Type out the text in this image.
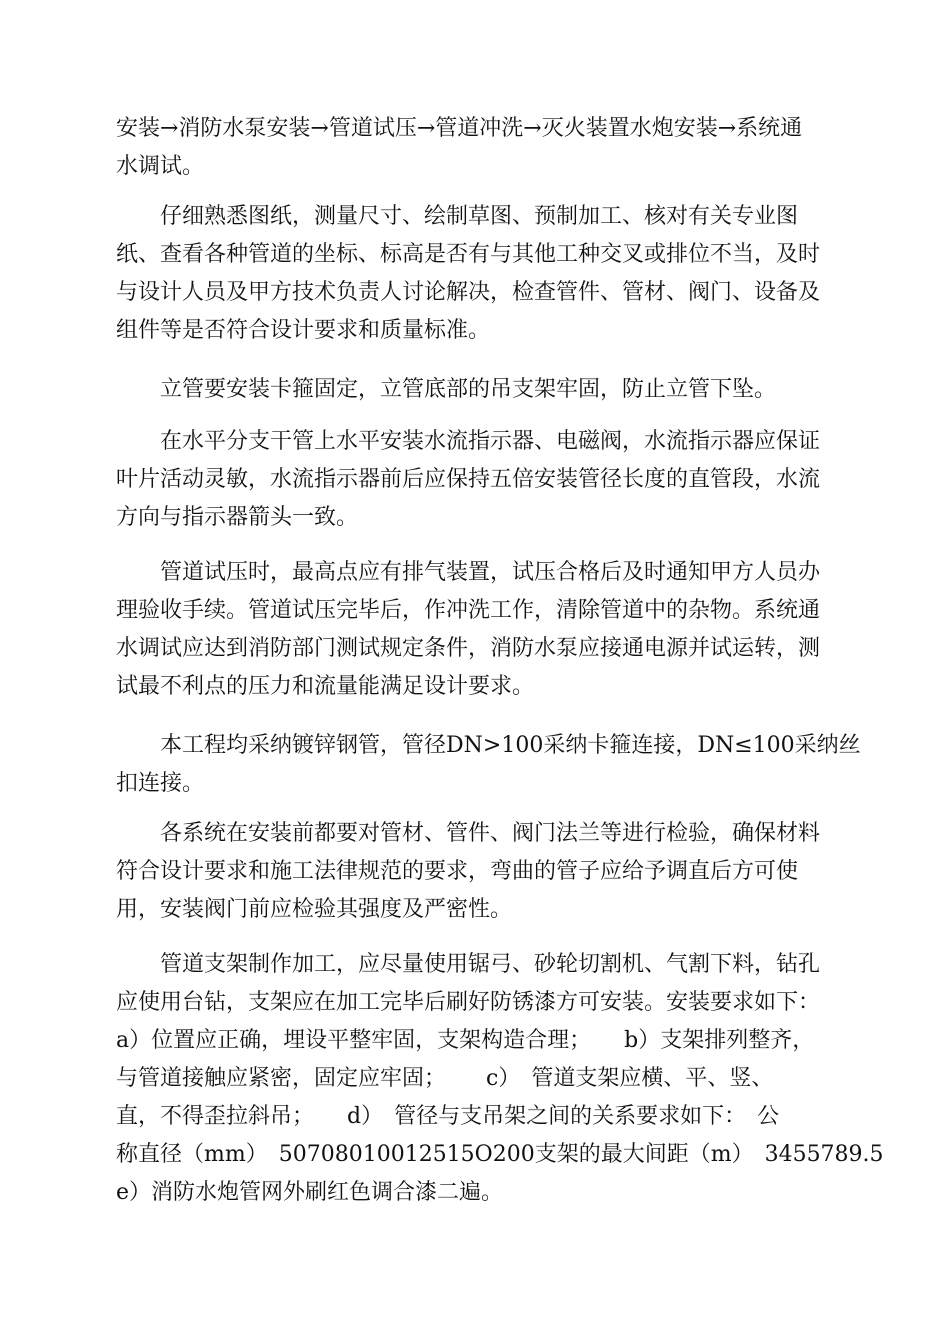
安装→消防水泵安装→管道试压→管道冲洗→灭火装置水炮安装→系统通
水调试。
仔细熟悉图纸，测量尺寸、绘制草图、预制加工、核对有关专业图
纸、查看各种管道的坐标、标高是否有与其他工种交叉或排位不当，及时
与设计人员及甲方技术负责人讨论解决，检查管件、管材、阀门、设备及
组件等是否符合设计要求和质量标准。
立管要安装卡箍固定，立管底部的吊支架牢固，防止立管下坠。
在水平分支干管上水平安装水流指示器、电磁阀，水流指示器应保证
叶片活动灵敏，水流指示器前后应保持五倍安装管径长度的直管段，水流
方向与指示器箭头一致。
管道试压时，最高点应有排气装置，试压合格后及时通知甲方人员办
理验收手续。管道试压完毕后，作冲洗工作，清除管道中的杂物。系统通
水调试应达到消防部门测试规定条件，消防水泵应接通电源并试运转，测
试最不利点的压力和流量能满足设计要求。
本工程均采纳镀锌钢管，管径DN>100采纳卡箍连接，DN≤100采纳丝
扣连接。
各系统在安装前都要对管材、管件、阀门法兰等进行检验，确保材料
符合设计要求和施工法律规范的要求，弯曲的管子应给予调直后方可使
用，安装阀门前应检验其强度及严密性。
管道支架制作加工，应尽量使用锯弓、砂轮切割机、气割下料，钻孔
应使用台钻，支架应在加工完毕后刷好防锈漆方可安装。安装要求如下：
a）位置应正确，埋设平整牢固，支架构造合理；　　b）支架排列整齐，
与管道接触应紧密，固定应牢固；　　 c）　管道支架应横、平、竖、
直，不得歪拉斜吊；　　d）　管径与支吊架之间的关系要求如下：　公
称直径（mm）　50708010012515O200支架的最大间距（m）　3455789.5
e）消防水炮管网外刷红色调合漆二遍。
